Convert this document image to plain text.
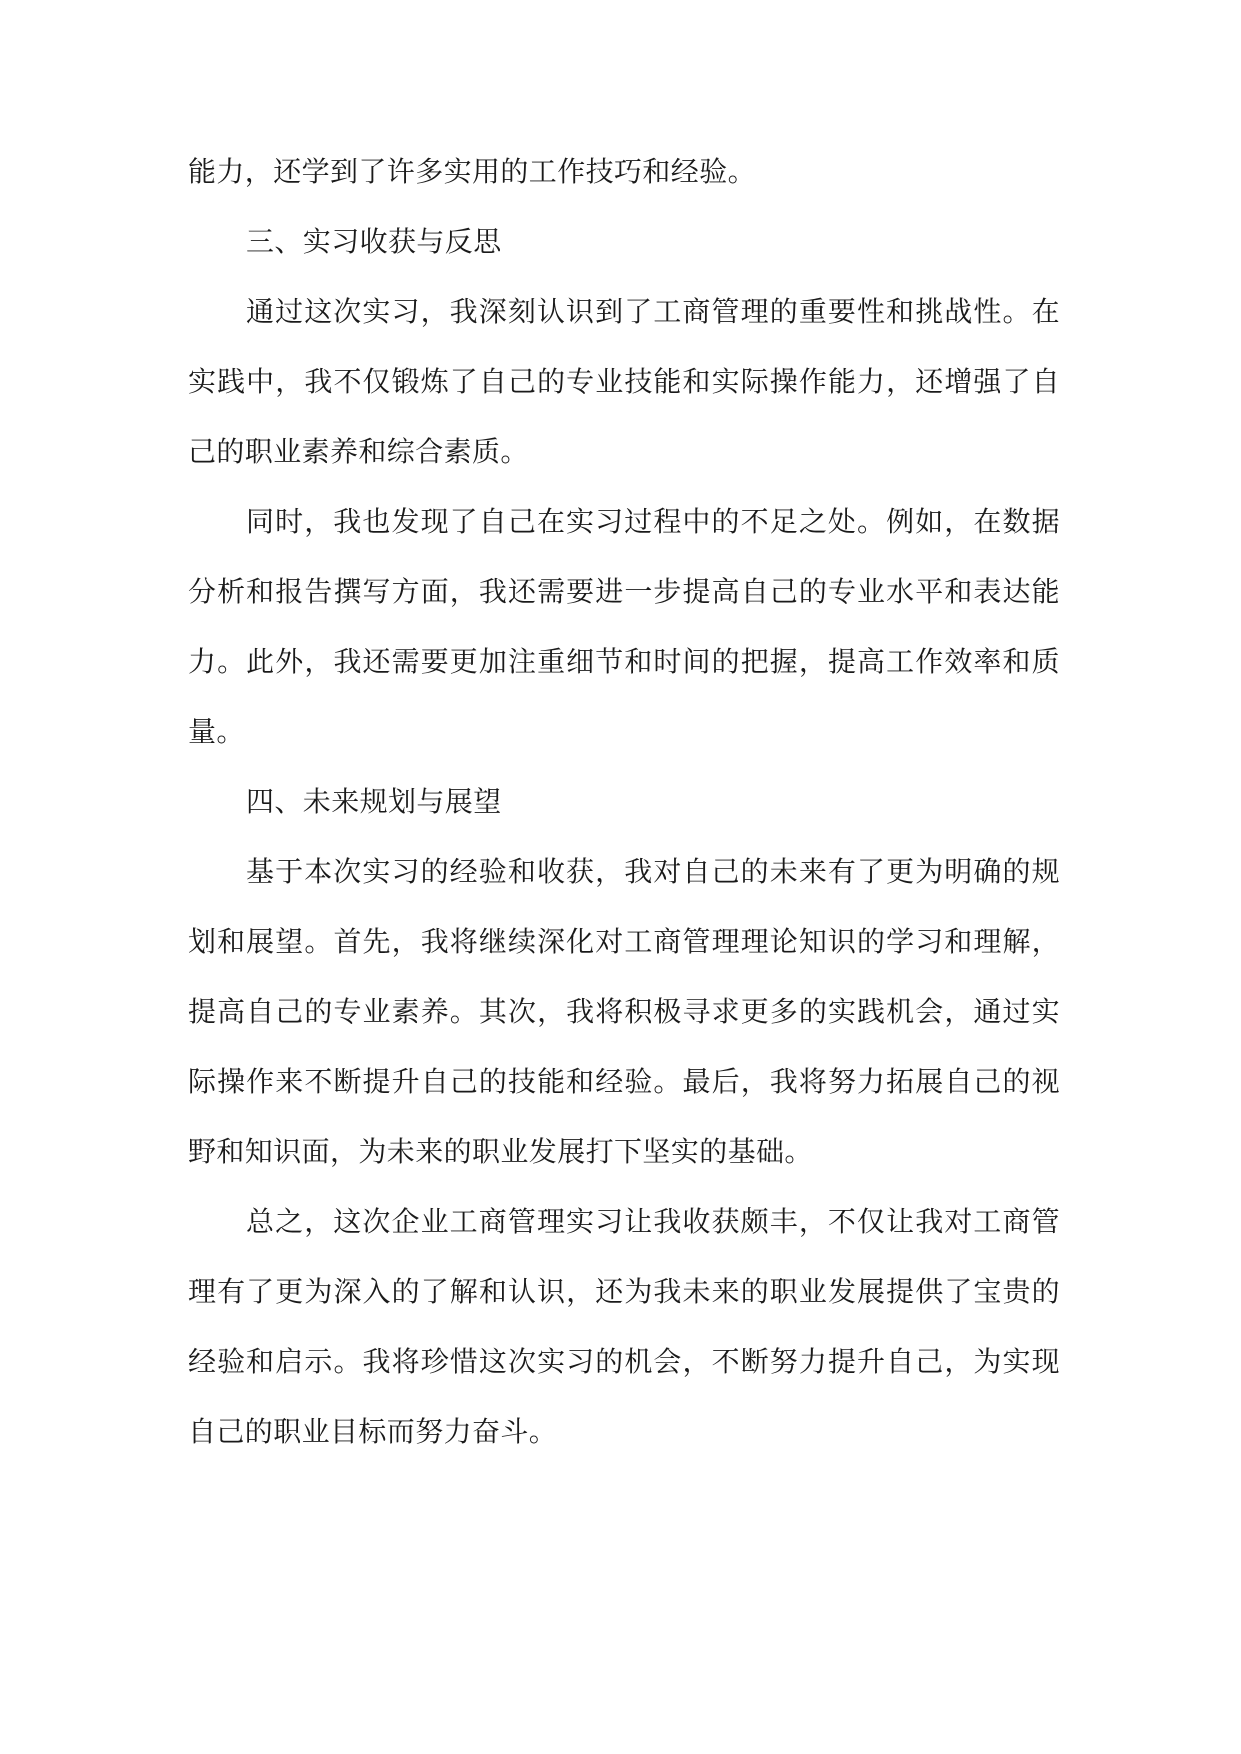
能力，还学到了许多实用的工作技巧和经验。

三、实习收获与反思

通过这次实习，我深刻认识到了工商管理的重要性和挑战性。在实践中，我不仅锻炼了自己的专业技能和实际操作能力，还增强了自己的职业素养和综合素质。

同时，我也发现了自己在实习过程中的不足之处。例如，在数据分析和报告撰写方面，我还需要进一步提高自己的专业水平和表达能力。此外，我还需要更加注重细节和时间的把握，提高工作效率和质量。

四、未来规划与展望

基于本次实习的经验和收获，我对自己的未来有了更为明确的规划和展望。首先，我将继续深化对工商管理理论知识的学习和理解，提高自己的专业素养。其次，我将积极寻求更多的实践机会，通过实际操作来不断提升自己的技能和经验。最后，我将努力拓展自己的视野和知识面，为未来的职业发展打下坚实的基础。

总之，这次企业工商管理实习让我收获颇丰，不仅让我对工商管理有了更为深入的了解和认识，还为我未来的职业发展提供了宝贵的经验和启示。我将珍惜这次实习的机会，不断努力提升自己，为实现自己的职业目标而努力奋斗。
